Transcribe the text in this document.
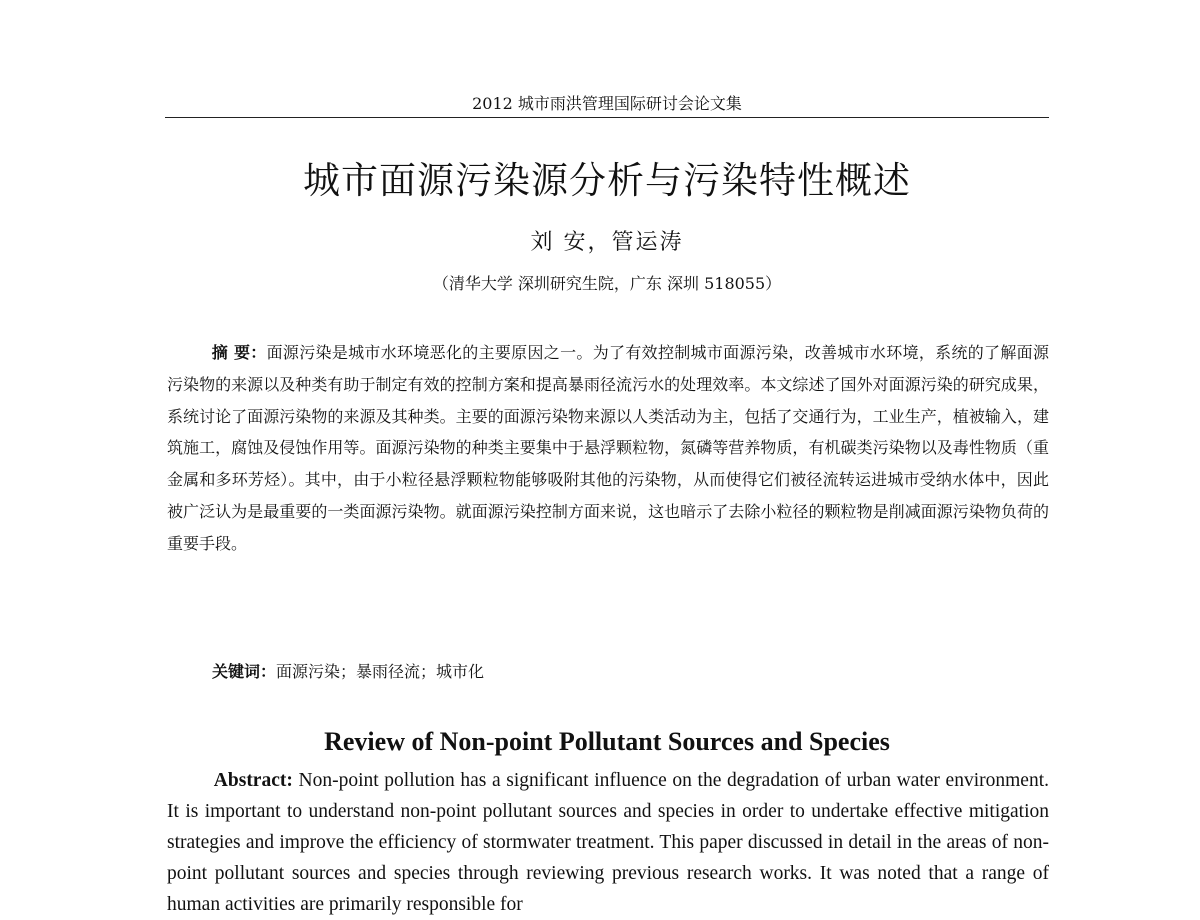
2012 城市雨洪管理国际研讨会论文集
城市面源污染源分析与污染特性概述
刘 安，管运涛
（清华大学 深圳研究生院，广东 深圳 518055）

摘 要：面源污染是城市水环境恶化的主要原因之一。为了有效控制城市面源污染，改善城市水环境，系统的了解面源污染物的来源以及种类有助于制定有效的控制方案和提高暴雨径流污水的处理效率。本文综述了国外对面源污染的研究成果，系统讨论了面源污染物的来源及其种类。主要的面源污染物来源以人类活动为主，包括了交通行为，工业生产，植被输入，建筑施工，腐蚀及侵蚀作用等。面源污染物的种类主要集中于悬浮颗粒物，氮磷等营养物质，有机碳类污染物以及毒性物质（重金属和多环芳烃）。其中，由于小粒径悬浮颗粒物能够吸附其他的污染物，从而使得它们被径流转运进城市受纳水体中，因此被广泛认为是最重要的一类面源污染物。就面源污染控制方面来说，这也暗示了去除小粒径的颗粒物是削减面源污染物负荷的重要手段。

关键词：面源污染；暴雨径流；城市化

Review of Non-point Pollutant Sources and Species

Abstract: Non-point pollution has a significant influence on the degradation of urban water environment. It is important to understand non-point pollutant sources and species in order to undertake effective mitigation strategies and improve the efficiency of stormwater treatment. This paper discussed in detail in the areas of non-point pollutant sources and species through reviewing previous research works. It was noted that a range of human activities are primarily responsible for
